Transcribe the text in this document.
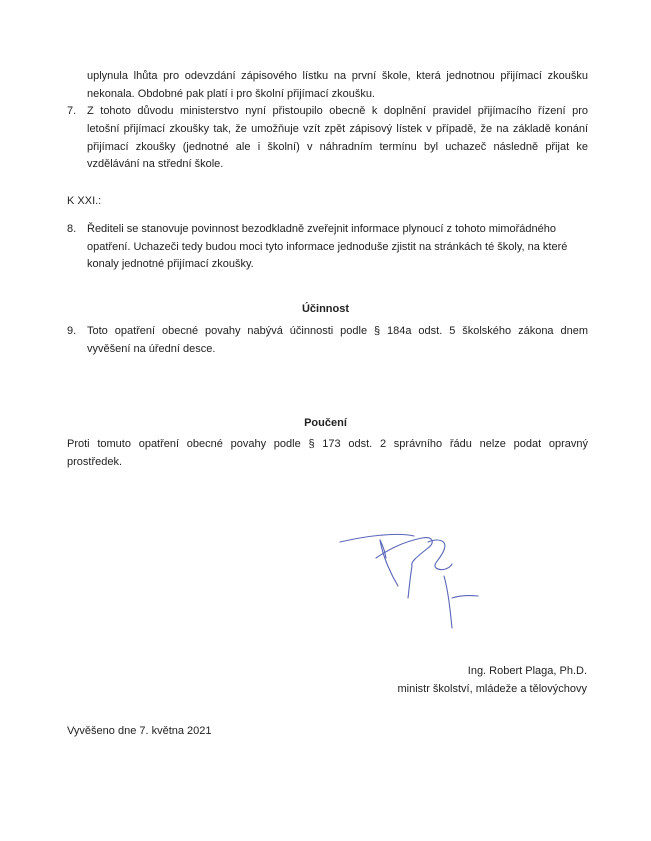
uplynula lhůta pro odevzdání zápisového lístku na první škole, která jednotnou přijímací zkoušku
nekonala. Obdobné pak platí i pro školní přijímací zkoušku.
7. Z tohoto důvodu ministerstvo nyní přistoupilo obecně k doplnění pravidel přijímacího řízení pro
letošní přijímací zkoušky tak, že umožňuje vzít zpět zápisový lístek v případě, že na základě konání
přijímací zkoušky (jednotné ale i školní) v náhradním termínu byl uchazeč následně přijat ke
vzdělávání na střední škole.
K XXI.:
8. Řediteli se stanovuje povinnost bezodkladně zveřejnit informace plynoucí z tohoto mimořádného
opatření. Uchazeči tedy budou moci tyto informace jednoduše zjistit na stránkách té školy, na které
konaly jednotné přijímací zkoušky.
Účinnost
9. Toto opatření obecné povahy nabývá účinnosti podle § 184a odst. 5 školského zákona dnem
vyvěšení na úřední desce.
Poučení
Proti tomuto opatření obecné povahy podle § 173 odst. 2 správního řádu nelze podat opravný
prostředek.
Ing. Robert Plaga, Ph.D.
ministr školství, mládeže a tělovýchovy
Vyvěšeno dne 7. května 2021
